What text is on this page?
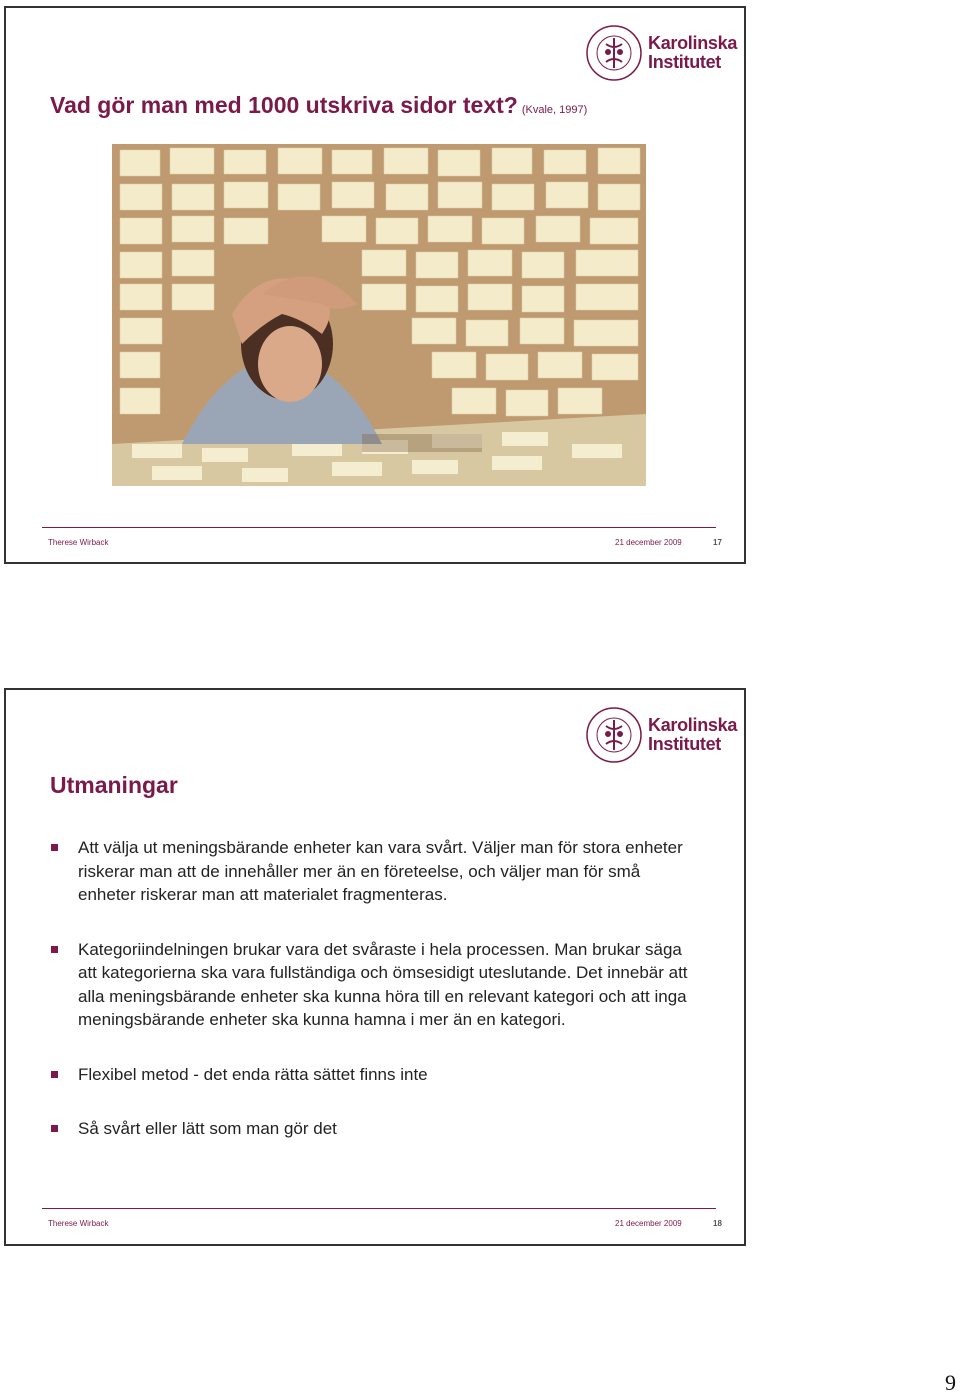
Karolinska
Institutet
Vad gör man med 1000 utskriva sidor text? (Kvale, 1997)
Therese Wirback	21 december 2009	17
Karolinska
Institutet
Utmaningar
Att välja ut meningsbärande enheter kan vara svårt. Väljer man för stora enheter riskerar man att de innehåller mer än en företeelse, och väljer man för små enheter riskerar man att materialet fragmenteras.
Kategoriindelningen brukar vara det svåraste i hela processen. Man brukar säga att kategorierna ska vara fullständiga och ömsesidigt uteslutande. Det innebär att alla meningsbärande enheter ska kunna höra till en relevant kategori och att inga meningsbärande enheter ska kunna hamna i mer än en kategori.
Flexibel metod - det enda rätta sättet finns inte
Så svårt eller lätt som man gör det
Therese Wirback	21 december 2009	18
9
